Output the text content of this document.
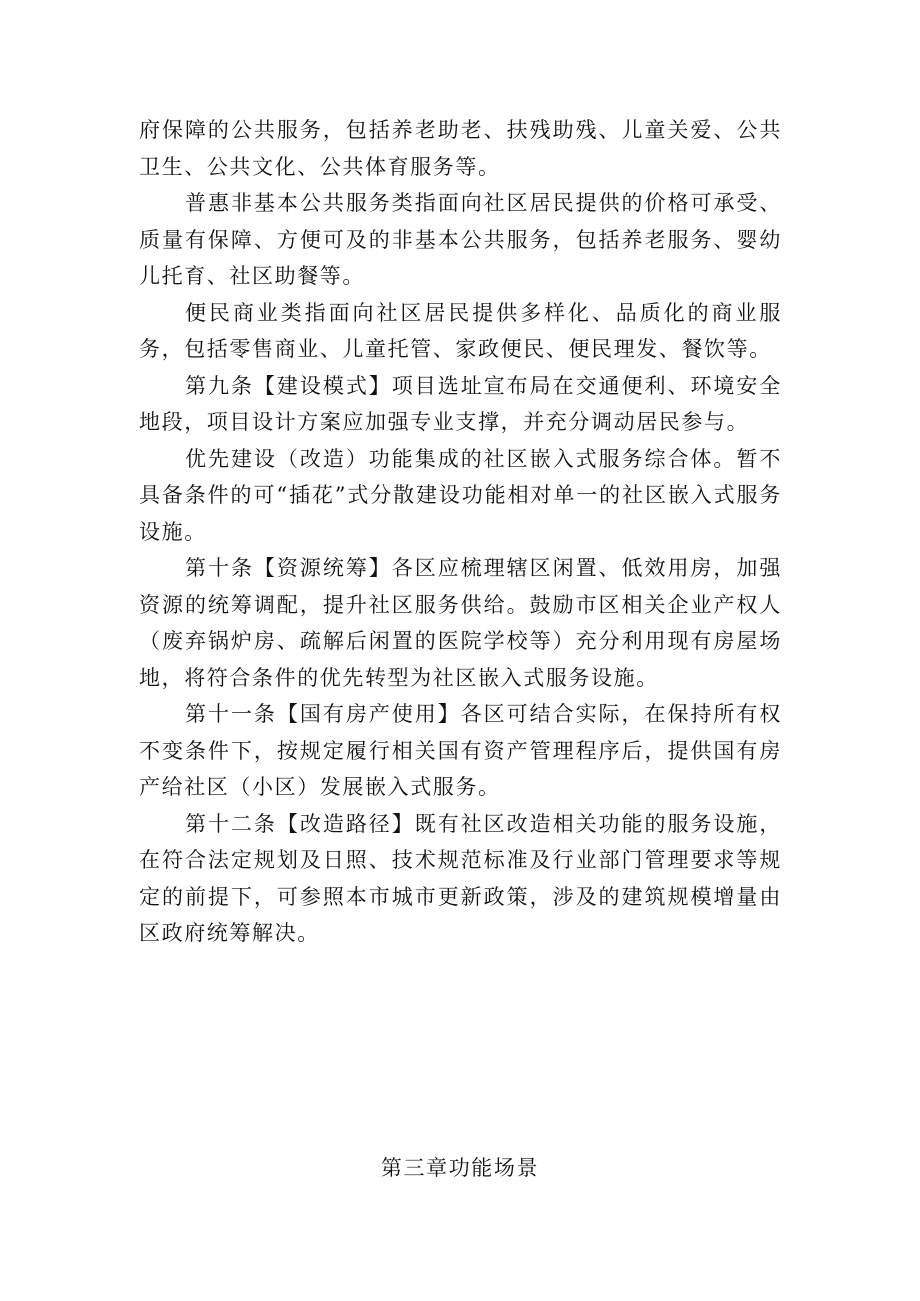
府保障的公共服务，包括养老助老、扶残助残、儿童关爱、公共卫生、公共文化、公共体育服务等。

普惠非基本公共服务类指面向社区居民提供的价格可承受、质量有保障、方便可及的非基本公共服务，包括养老服务、婴幼儿托育、社区助餐等。

便民商业类指面向社区居民提供多样化、品质化的商业服务，包括零售商业、儿童托管、家政便民、便民理发、餐饮等。

第九条【建设模式】项目选址宣布局在交通便利、环境安全地段，项目设计方案应加强专业支撑，并充分调动居民参与。

优先建设（改造）功能集成的社区嵌入式服务综合体。暂不具备条件的可“插花”式分散建设功能相对单一的社区嵌入式服务设施。

第十条【资源统筹】各区应梳理辖区闲置、低效用房，加强资源的统筹调配，提升社区服务供给。鼓励市区相关企业产权人（废弃锅炉房、疏解后闲置的医院学校等）充分利用现有房屋场地，将符合条件的优先转型为社区嵌入式服务设施。

第十一条【国有房产使用】各区可结合实际，在保持所有权不变条件下，按规定履行相关国有资产管理程序后，提供国有房产给社区（小区）发展嵌入式服务。

第十二条【改造路径】既有社区改造相关功能的服务设施，在符合法定规划及日照、技术规范标准及行业部门管理要求等规定的前提下，可参照本市城市更新政策，涉及的建筑规模增量由区政府统筹解决。

第三章功能场景
